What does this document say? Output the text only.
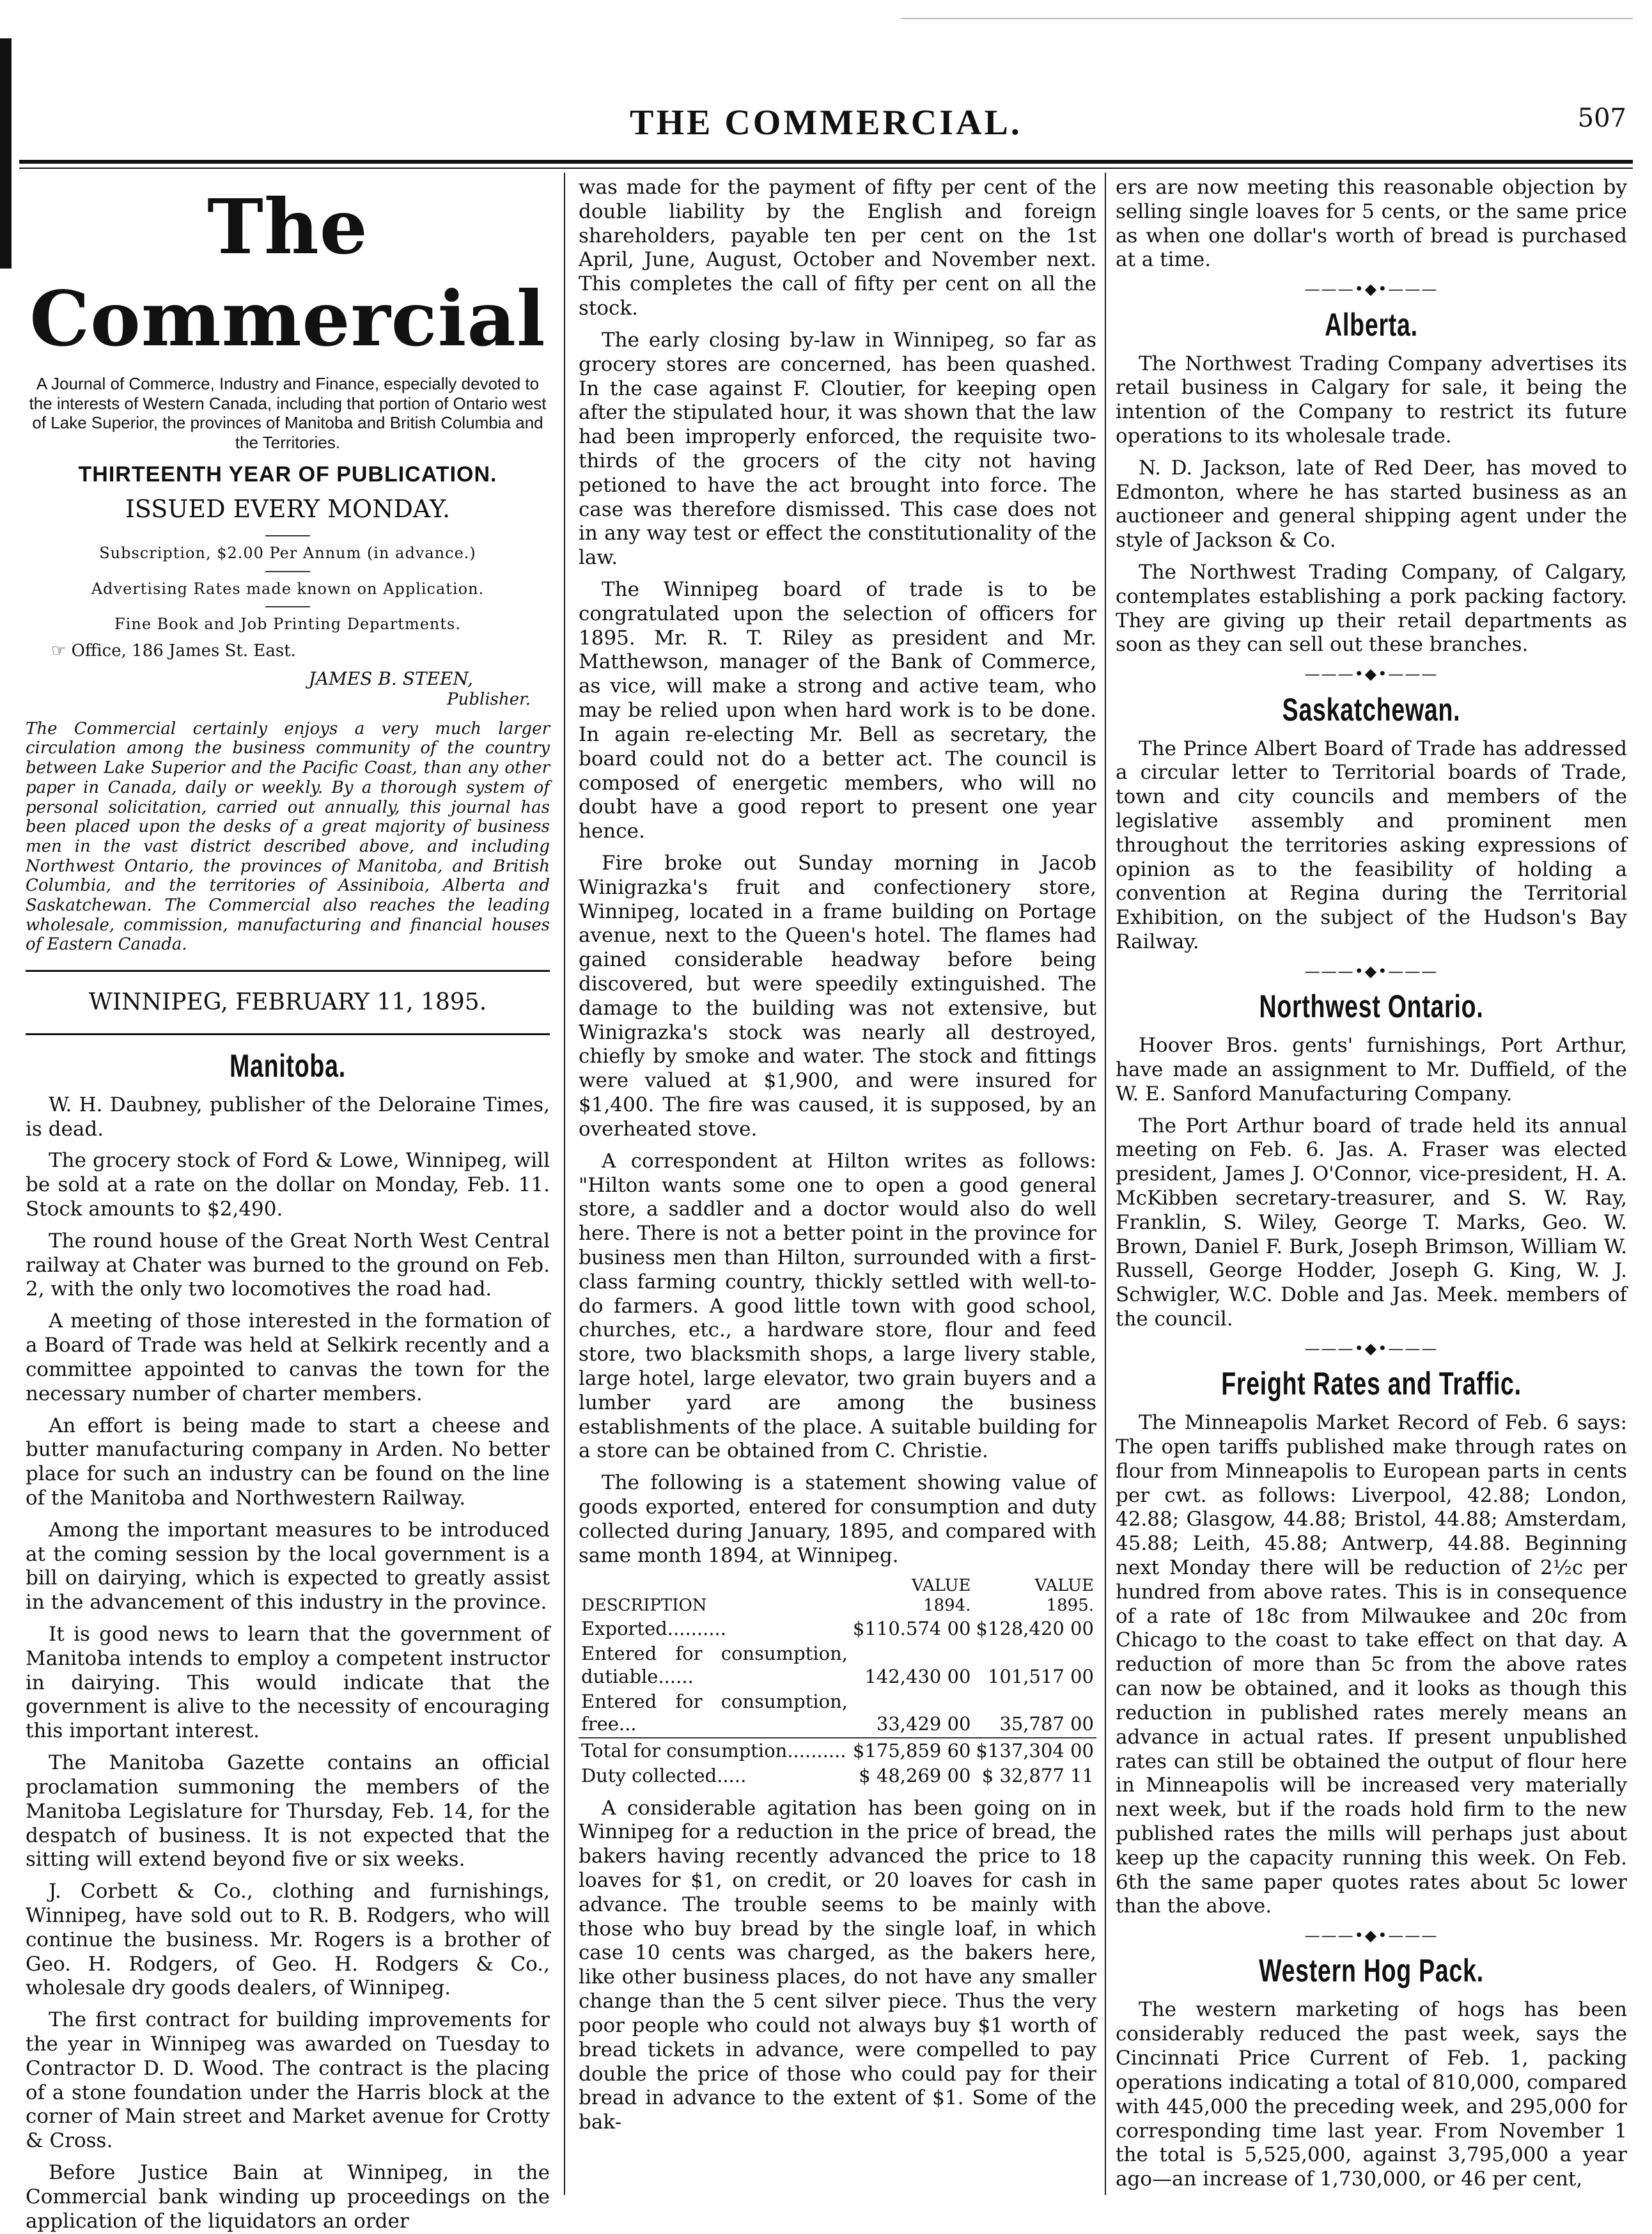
THE COMMERCIAL.	507
The Commercial
A Journal of Commerce, Industry and Finance, especially devoted to the interests of Western Canada, including that portion of Ontario west of Lake Superior, the provinces of Manitoba and British Columbia and the Territories.
THIRTEENTH YEAR OF PUBLICATION.
ISSUED EVERY MONDAY.
Subscription, $2.00 Per Annum (in advance.)
Advertising Rates made known on Application.
Fine Book and Job Printing Departments.
☞ Office, 186 James St. East.
JAMES B. STEEN,
Publisher.

The Commercial certainly enjoys a very much larger circulation among the business community of the country between Lake Superior and the Pacific Coast, than any other paper in Canada, daily or weekly. By a thorough system of personal solicitation, carried out annually, this journal has been placed upon the desks of a great majority of business men in the vast district described above, and including Northwest Ontario, the provinces of Manitoba, and British Columbia, and the territories of Assiniboia, Alberta and Saskatchewan. The Commercial also reaches the leading wholesale, commission, manufacturing and financial houses of Eastern Canada.

WINNIPEG, FEBRUARY 11, 1895.
Manitoba.

W. H. Daubney, publisher of the Deloraine Times, is dead.

The grocery stock of Ford & Lowe, Winnipeg, will be sold at a rate on the dollar on Monday, Feb. 11. Stock amounts to $2,490.

The round house of the Great North West Central railway at Chater was burned to the ground on Feb. 2, with the only two locomotives the road had.

A meeting of those interested in the formation of a Board of Trade was held at Selkirk recently and a committee appointed to canvas the town for the necessary number of charter members.

An effort is being made to start a cheese and butter manufacturing company in Arden. No better place for such an industry can be found on the line of the Manitoba and Northwestern Railway.

Among the important measures to be introduced at the coming session by the local government is a bill on dairying, which is expected to greatly assist in the advancement of this industry in the province.

It is good news to learn that the government of Manitoba intends to employ a competent instructor in dairying. This would indicate that the government is alive to the necessity of encouraging this important interest.

The Manitoba Gazette contains an official proclamation summoning the members of the Manitoba Legislature for Thursday, Feb. 14, for the despatch of business. It is not expected that the sitting will extend beyond five or six weeks.

J. Corbett & Co., clothing and furnishings, Winnipeg, have sold out to R. B. Rodgers, who will continue the business. Mr. Rogers is a brother of Geo. H. Rodgers, of Geo. H. Rodgers & Co., wholesale dry goods dealers, of Winnipeg.

The first contract for building improvements for the year in Winnipeg was awarded on Tuesday to Contractor D. D. Wood. The contract is the placing of a stone foundation under the Harris block at the corner of Main street and Market avenue for Crotty & Cross.

Before Justice Bain at Winnipeg, in the Commercial bank winding up proceedings on the application of the liquidators an order

was made for the payment of fifty per cent of the double liability by the English and foreign shareholders, payable ten per cent on the 1st April, June, August, October and November next. This completes the call of fifty per cent on all the stock.

The early closing by-law in Winnipeg, so far as grocery stores are concerned, has been quashed. In the case against F. Cloutier, for keeping open after the stipulated hour, it was shown that the law had been improperly enforced, the requisite two-thirds of the grocers of the city not having petioned to have the act brought into force. The case was therefore dismissed. This case does not in any way test or effect the constitutionality of the law.

The Winnipeg board of trade is to be congratulated upon the selection of officers for 1895. Mr. R. T. Riley as president and Mr. Matthewson, manager of the Bank of Commerce, as vice, will make a strong and active team, who may be relied upon when hard work is to be done. In again re-electing Mr. Bell as secretary, the board could not do a better act. The council is composed of energetic members, who will no doubt have a good report to present one year hence.

Fire broke out Sunday morning in Jacob Winigrazka's fruit and confectionery store, Winnipeg, located in a frame building on Portage avenue, next to the Queen's hotel. The flames had gained considerable headway before being discovered, but were speedily extinguished. The damage to the building was not extensive, but Winigrazka's stock was nearly all destroyed, chiefly by smoke and water. The stock and fittings were valued at $1,900, and were insured for $1,400. The fire was caused, it is supposed, by an overheated stove.

A correspondent at Hilton writes as follows: "Hilton wants some one to open a good general store, a saddler and a doctor would also do well here. There is not a better point in the province for business men than Hilton, surrounded with a first-class farming country, thickly settled with well-to-do farmers. A good little town with good school, churches, etc., a hardware store, flour and feed store, two blacksmith shops, a large livery stable, large hotel, large elevator, two grain buyers and a lumber yard are among the business establishments of the place. A suitable building for a store can be obtained from C. Christie.

The following is a statement showing value of goods exported, entered for consumption and duty collected during January, 1895, and compared with same month 1894, at Winnipeg.

	VALUE	VALUE
DESCRIPTION	1894.	1895.
Exported..........	$110.574 00	$128,420 00
Entered for consumption, dutiable......	142,430 00	101,517 00
Entered for consumption, free...	33,429 00	35,787 00
Total for consumption..........	$175,859 60	$137,304 00
Duty collected.....	$ 48,269 00	$ 32,877 11

A considerable agitation has been going on in Winnipeg for a reduction in the price of bread, the bakers having recently advanced the price to 18 loaves for $1, on credit, or 20 loaves for cash in advance. The trouble seems to be mainly with those who buy bread by the single loaf, in which case 10 cents was charged, as the bakers here, like other business places, do not have any smaller change than the 5 cent silver piece. Thus the very poor people who could not always buy $1 worth of bread tickets in advance, were compelled to pay double the price of those who could pay for their bread in advance to the extent of $1. Some of the bak-

ers are now meeting this reasonable objection by selling single loaves for 5 cents, or the same price as when one dollar's worth of bread is purchased at a time.

———•◆•———
Alberta.

The Northwest Trading Company advertises its retail business in Calgary for sale, it being the intention of the Company to restrict its future operations to its wholesale trade.

N. D. Jackson, late of Red Deer, has moved to Edmonton, where he has started business as an auctioneer and general shipping agent under the style of Jackson & Co.

The Northwest Trading Company, of Calgary, contemplates establishing a pork packing factory. They are giving up their retail departments as soon as they can sell out these branches.

———•◆•———
Saskatchewan.

The Prince Albert Board of Trade has addressed a circular letter to Territorial boards of Trade, town and city councils and members of the legislative assembly and prominent men throughout the territories asking expressions of opinion as to the feasibility of holding a convention at Regina during the Territorial Exhibition, on the subject of the Hudson's Bay Railway.

———•◆•———
Northwest Ontario.

Hoover Bros. gents' furnishings, Port Arthur, have made an assignment to Mr. Duffield, of the W. E. Sanford Manufacturing Company.

The Port Arthur board of trade held its annual meeting on Feb. 6. Jas. A. Fraser was elected president, James J. O'Connor, vice-president, H. A. McKibben secretary-treasurer, and S. W. Ray, Franklin, S. Wiley, George T. Marks, Geo. W. Brown, Daniel F. Burk, Joseph Brimson, William W. Russell, George Hodder, Joseph G. King, W. J. Schwigler, W.C. Doble and Jas. Meek. members of the council.

———•◆•———
Freight Rates and Traffic.

The Minneapolis Market Record of Feb. 6 says: The open tariffs published make through rates on flour from Minneapolis to European parts in cents per cwt. as follows: Liverpool, 42.88; London, 42.88; Glasgow, 44.88; Bristol, 44.88; Amsterdam, 45.88; Leith, 45.88; Antwerp, 44.88. Beginning next Monday there will be reduction of 2½c per hundred from above rates. This is in consequence of a rate of 18c from Milwaukee and 20c from Chicago to the coast to take effect on that day. A reduction of more than 5c from the above rates can now be obtained, and it looks as though this reduction in published rates merely means an advance in actual rates. If present unpublished rates can still be obtained the output of flour here in Minneapolis will be increased very materially next week, but if the roads hold firm to the new published rates the mills will perhaps just about keep up the capacity running this week. On Feb. 6th the same paper quotes rates about 5c lower than the above.

———•◆•———
Western Hog Pack.

The western marketing of hogs has been considerably reduced the past week, says the Cincinnati Price Current of Feb. 1, packing operations indicating a total of 810,000, compared with 445,000 the preceding week, and 295,000 for corresponding time last year. From November 1 the total is 5,525,000, against 3,795,000 a year ago—an increase of 1,730,000, or 46 per cent,
